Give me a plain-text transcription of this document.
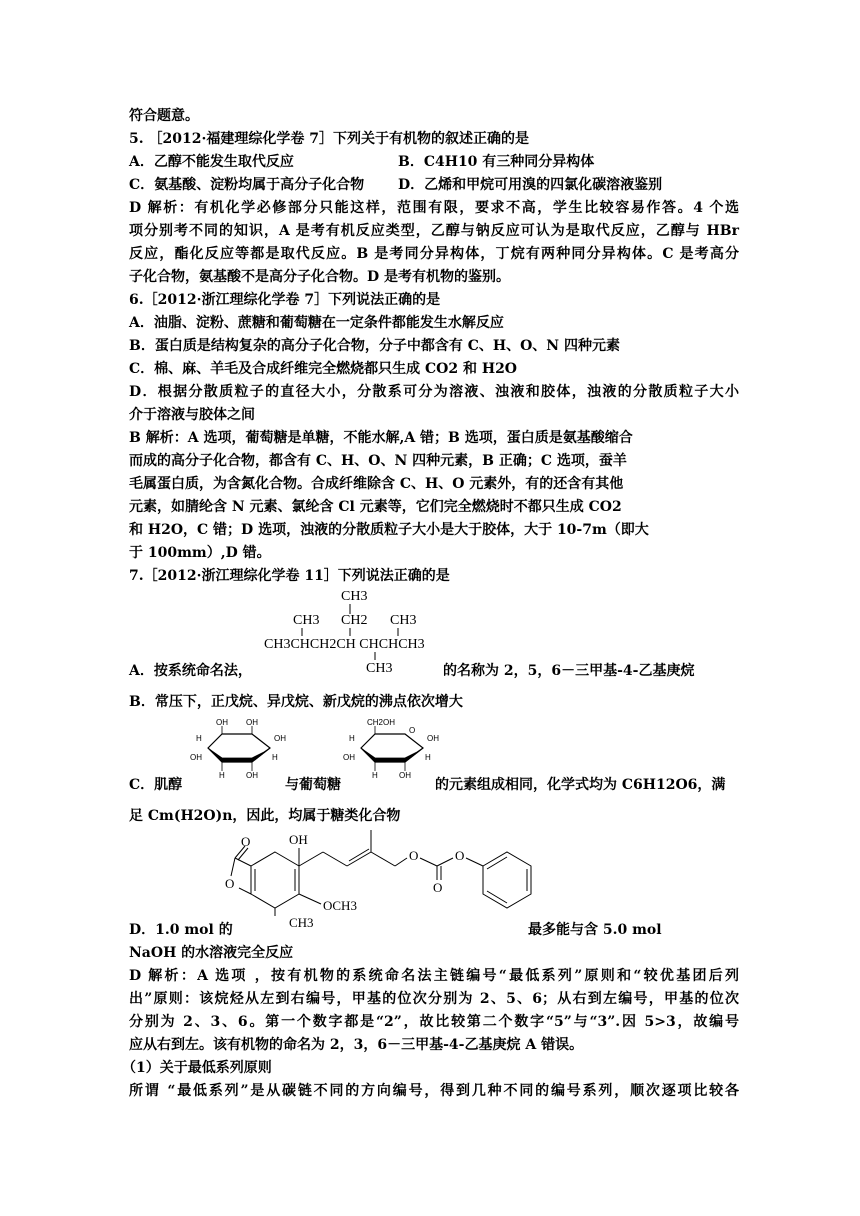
符合题意。
5. ［2012·福建理综化学卷 7］下列关于有机物的叙述正确的是
A．乙醇不能发生取代反应	B．C4H10 有三种同分异构体
C．氨基酸、淀粉均属于高分子化合物 D．乙烯和甲烷可用溴的四氯化碳溶液鉴别
D 解析：有机化学必修部分只能这样，范围有限，要求不高，学生比较容易作答。4 个选
项分别考不同的知识，A 是考有机反应类型，乙醇与钠反应可认为是取代反应，乙醇与 HBr
反应，酯化反应等都是取代反应。B 是考同分异构体，丁烷有两种同分异构体。C 是考高分
子化合物，氨基酸不是高分子化合物。D 是考有机物的鉴别。
6.［2012·浙江理综化学卷 7］下列说法正确的是
A．油脂、淀粉、蔗糖和葡萄糖在一定条件都能发生水解反应
B．蛋白质是结构复杂的高分子化合物，分子中都含有 C、H、O、N 四种元素
C．棉、麻、羊毛及合成纤维完全燃烧都只生成 CO2 和 H2O
D．根据分散质粒子的直径大小，分散系可分为溶液、浊液和胶体，浊液的分散质粒子大小
介于溶液与胶体之间
B 解析：A 选项，葡萄糖是单糖，不能水解,A 错；B 选项，蛋白质是氨基酸缩合
而成的高分子化合物，都含有 C、H、O、N 四种元素，B 正确；C 选项，蚕羊
毛属蛋白质，为含氮化合物。合成纤维除含 C、H、O 元素外，有的还含有其他
元素，如腈纶含 N 元素、氯纶含 Cl 元素等，它们完全燃烧时不都只生成 CO2
和 H2O，C 错；D 选项，浊液的分散质粒子大小是大于胶体，大于 10-7m（即大
于 100mm）,D 错。
7.［2012·浙江理综化学卷 11］下列说法正确的是
CH3
CH3 CH2 CH3
CH3CHCH2CH CHCHCH3
CH3
A．按系统命名法，	的名称为 2，5，6－三甲基-4-乙基庚烷
B．常压下，正戊烷、异戊烷、新戊烷的沸点依次增大
OH OH
H	OH
OH	H
H	OH
CH2OH
O
H	OH
OH	H
H	OH
C．肌醇	与葡萄糖	的元素组成相同，化学式均为 C6H12O6，满
足 Cm(H2O)n，因此，均属于糖类化合物
O
O
OH
OCH3
CH3
O
O
O
D．1.0 mol 的	最多能与含 5.0 mol
NaOH 的水溶液完全反应
D 解析：A 选项 ，按有机物的系统命名法主链编号“最低系列”原则和“较优基团后列
出”原则：该烷烃从左到右编号，甲基的位次分别为 2、5、6；从右到左编号，甲基的位次
分别为 2、3、6。第一个数字都是“2”，故比较第二个数字“5”与“3”.因 5>3，故编号
应从右到左。该有机物的命名为 2，3，6－三甲基-4-乙基庚烷 A 错误。
（1）关于最低系列原则
所谓 “最低系列”是从碳链不同的方向编号，得到几种不同的编号系列，顺次逐项比较各
